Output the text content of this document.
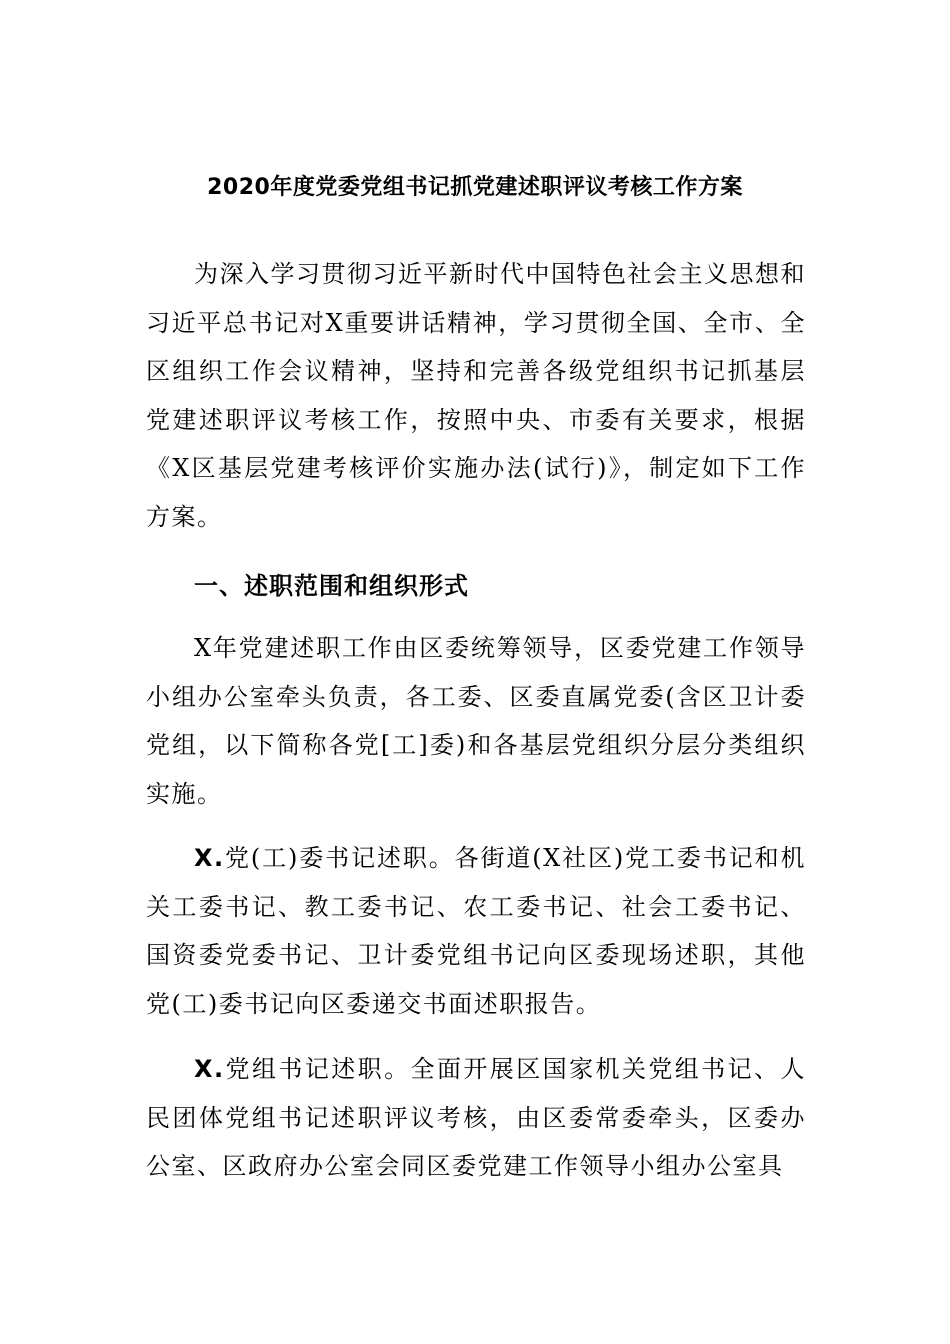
2020年度党委党组书记抓党建述职评议考核工作方案

为深入学习贯彻习近平新时代中国特色社会主义思想和习近平总书记对X重要讲话精神，学习贯彻全国、全市、全区组织工作会议精神，坚持和完善各级党组织书记抓基层党建述职评议考核工作，按照中央、市委有关要求，根据《X区基层党建考核评价实施办法(试行)》，制定如下工作方案。

一、述职范围和组织形式

X年党建述职工作由区委统筹领导，区委党建工作领导小组办公室牵头负责，各工委、区委直属党委(含区卫计委党组，以下简称各党[工]委)和各基层党组织分层分类组织实施。

X.党(工)委书记述职。各街道(X社区)党工委书记和机关工委书记、教工委书记、农工委书记、社会工委书记、国资委党委书记、卫计委党组书记向区委现场述职，其他党(工)委书记向区委递交书面述职报告。

X.党组书记述职。全面开展区国家机关党组书记、人民团体党组书记述职评议考核，由区委常委牵头，区委办公室、区政府办公室会同区委党建工作领导小组办公室具
